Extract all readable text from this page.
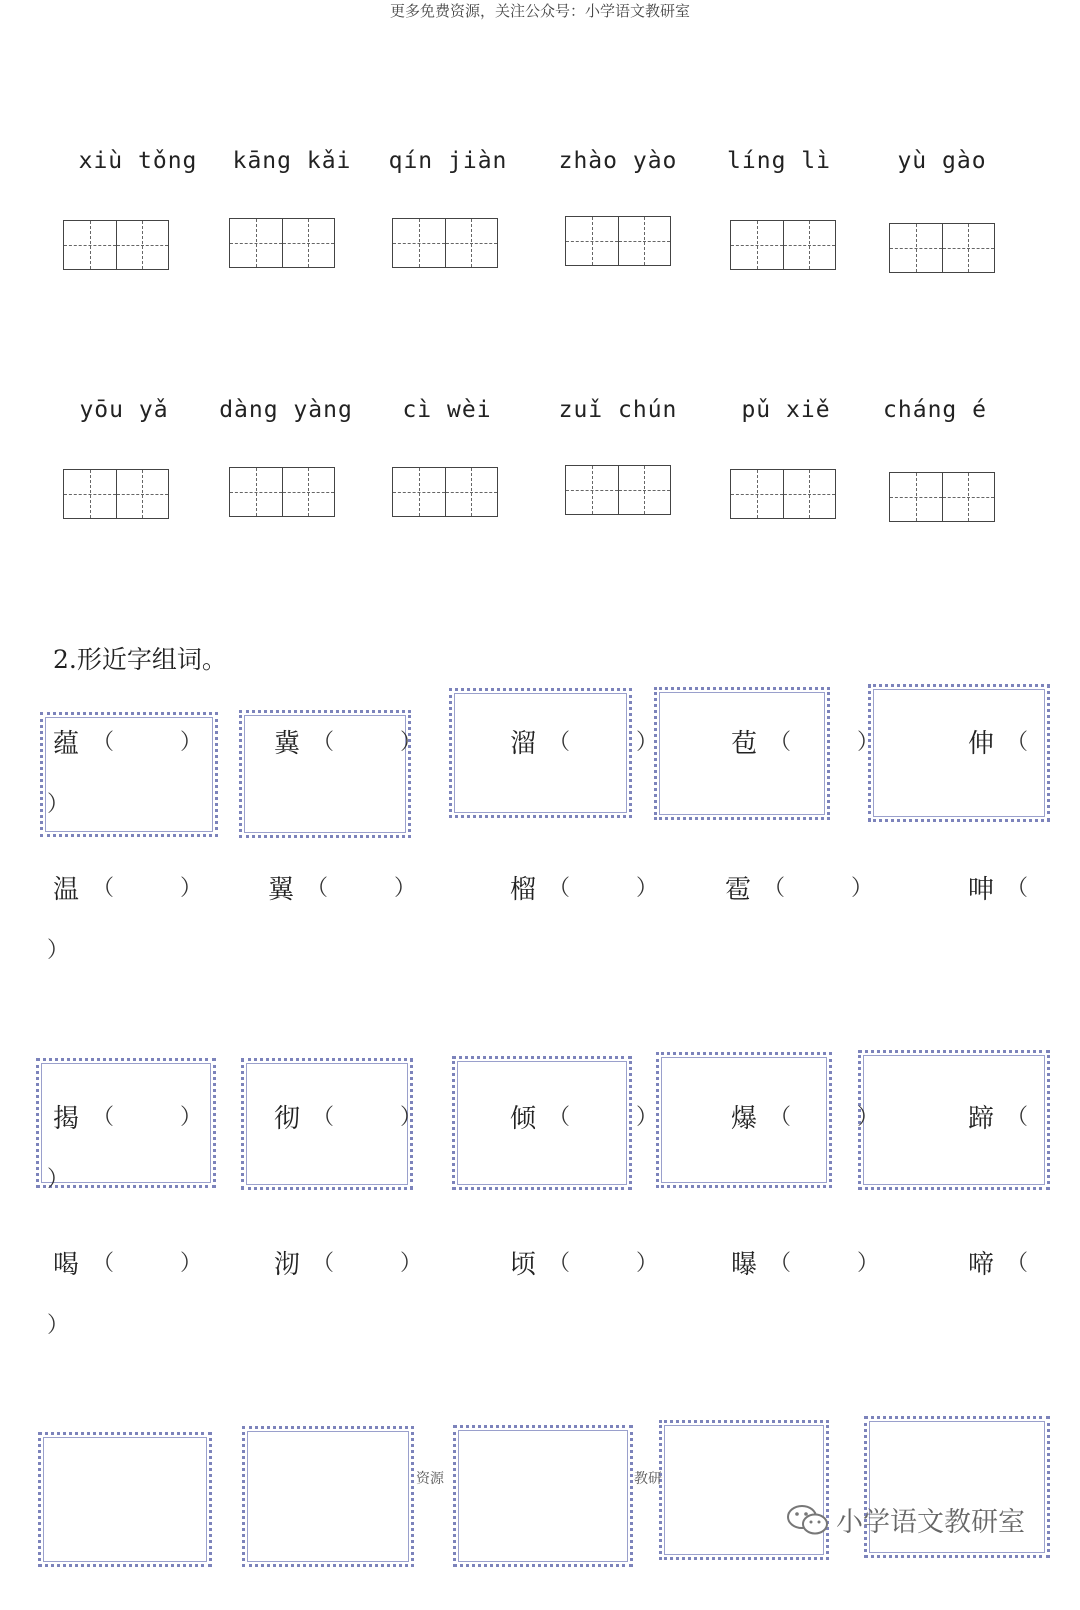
更多免费资源，关注公众号：小学语文教研室
xiù tǒng	kāng kǎi	qín jiàn	zhào yào	líng lì	yù gào
yōu yǎ	dàng yàng	cì wèi	zuǐ chún	pǔ xiě	cháng é
2.形近字组词。
蕴 （	）	冀 （	）	溜 （	）	苞 （	）	伸 （
）
温 （	）	翼 （	）	榴 （	）	雹 （	）	呻 （
）
揭 （	）	彻 （	）	倾 （	）	爆 （	）	蹄 （
）
喝 （	）	沏 （	）	顷 （	）	曝 （	）	啼 （
）
资源	教研
小学语文教研室
